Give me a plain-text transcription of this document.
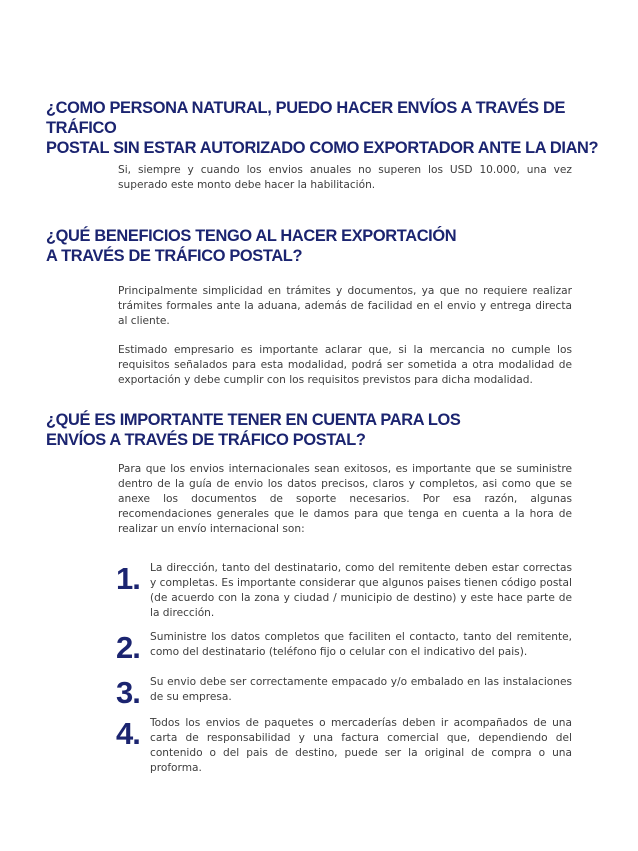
¿COMO PERSONA NATURAL, PUEDO HACER ENVÍOS A TRAVÉS DE TRÁFICO
POSTAL SIN ESTAR AUTORIZADO COMO EXPORTADOR ANTE LA DIAN?

Si, siempre y cuando los envios anuales no superen los USD 10.000, una vez superado este monto debe hacer la habilitación.

¿QUÉ BENEFICIOS TENGO AL HACER EXPORTACIÓN
A TRAVÉS DE TRÁFICO POSTAL?

Principalmente simplicidad en trámites y documentos, ya que no requiere realizar trámites formales ante la aduana, además de facilidad en el envio y entrega directa al cliente.

Estimado empresario es importante aclarar que, si la mercancia no cumple los requisitos señalados para esta modalidad, podrá ser sometida a otra modalidad de exportación y debe cumplir con los requisitos previstos para dicha modalidad.

¿QUÉ ES IMPORTANTE TENER EN CUENTA PARA LOS
ENVÍOS A TRAVÉS DE TRÁFICO POSTAL?

Para que los envios internacionales sean exitosos, es importante que se suministre dentro de la guía de envio los datos precisos, claros y completos, asi como que se anexe los documentos de soporte necesarios. Por esa razón, algunas recomendaciones generales que le damos para que tenga en cuenta a la hora de realizar un envío internacional son:

1. La dirección, tanto del destinatario, como del remitente deben estar correctas y completas. Es importante considerar que algunos paises tienen código postal (de acuerdo con la zona y ciudad / municipio de destino) y este hace parte de la dirección.

2. Suministre los datos completos que faciliten el contacto, tanto del remitente, como del destinatario (teléfono fijo o celular con el indicativo del pais).

3. Su envio debe ser correctamente empacado y/o embalado en las instalaciones de su empresa.

4. Todos los envios de paquetes o mercaderías deben ir acompañados de una carta de responsabilidad y una factura comercial que, dependiendo del contenido o del pais de destino, puede ser la original de compra o una proforma.
